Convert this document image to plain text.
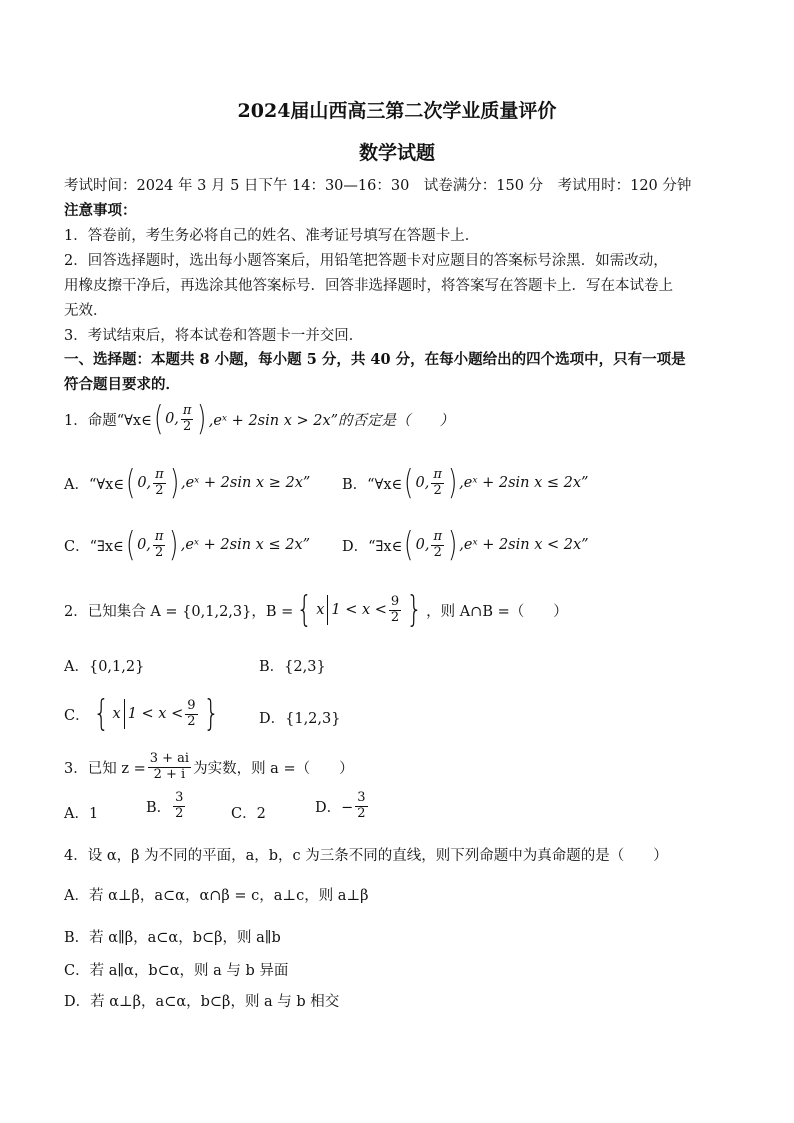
2024届山西高三第二次学业质量评价
数学试题
考试时间：2024 年 3 月 5 日下午 14：30—16：30　试卷满分：150 分　考试用时：120 分钟
注意事项：
1．答卷前，考生务必将自己的姓名、准考证号填写在答题卡上．
2．回答选择题时，选出每小题答案后，用铅笔把答题卡对应题目的答案标号涂黑．如需改动，
用橡皮擦干净后，再选涂其他答案标号．回答非选择题时，将答案写在答题卡上．写在本试卷上
无效．
3．考试结束后，将本试卷和答题卡一并交回．
一、选择题：本题共 8 小题，每小题 5 分，共 40 分，在每小题给出的四个选项中，只有一项是
符合题目要求的．
1．命题“∀x∈ ( 0, $\frac{\pi}{2}$ ) ,eˣ + 2sin x > 2x”的否定是（　　）
A．“∀x∈ ( 0, $\frac{\pi}{2}$ ) ,eˣ + 2sin x ≥ 2x” B．“∀x∈ ( 0, $\frac{\pi}{2}$ ) ,eˣ + 2sin x ≤ 2x”
C．“∃x∈ ( 0, $\frac{\pi}{2}$ ) ,eˣ + 2sin x ≤ 2x” D．“∃x∈ ( 0, $\frac{\pi}{2}$ ) ,eˣ + 2sin x < 2x”
2．已知集合 A = {0,1,2,3}，B = { x $1 < x < \frac{9}{2}$ } ，则 A∩B =（　　）
A．{0,1,2}	B．{2,3}
C． { x $1 < x < \frac{9}{2}$ }	D．{1,2,3}
3．已知 $z = \frac{3 + ai}{2 + i}$ 为实数，则 a =（　　）
A．1	B． $\frac{3}{2}$	C．2	D．− $\frac{3}{2}$
4．设 α，β 为不同的平面，a，b，c 为三条不同的直线，则下列命题中为真命题的是（　　）
A．若 α⊥β，a⊂α，α∩β = c，a⊥c，则 a⊥β
B．若 α∥β，a⊂α，b⊂β，则 a∥b
C．若 a∥α，b⊂α，则 a 与 b 异面
D．若 α⊥β，a⊂α，b⊂β，则 a 与 b 相交
